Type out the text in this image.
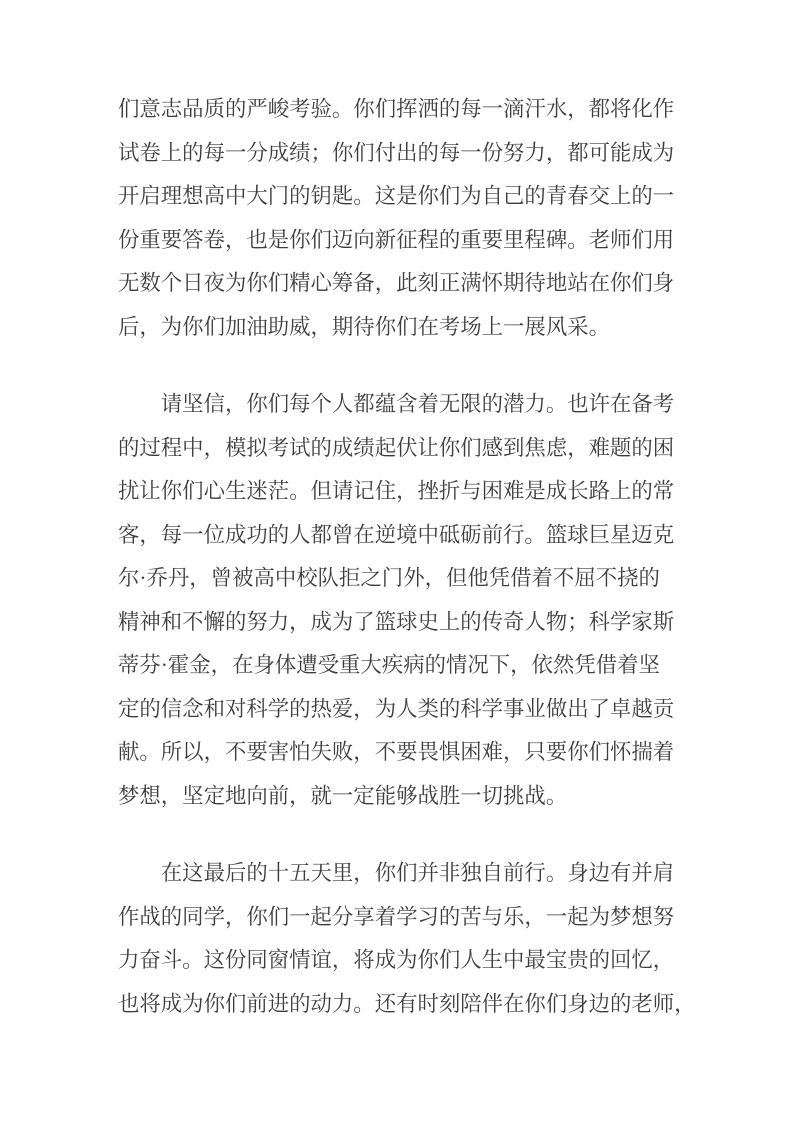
们意志品质的严峻考验。你们挥洒的每一滴汗水，都将化作
试卷上的每一分成绩；你们付出的每一份努力，都可能成为
开启理想高中大门的钥匙。这是你们为自己的青春交上的一
份重要答卷，也是你们迈向新征程的重要里程碑。老师们用
无数个日夜为你们精心筹备，此刻正满怀期待地站在你们身
后，为你们加油助威，期待你们在考场上一展风采。
　　请坚信，你们每个人都蕴含着无限的潜力。也许在备考
的过程中，模拟考试的成绩起伏让你们感到焦虑，难题的困
扰让你们心生迷茫。但请记住，挫折与困难是成长路上的常
客，每一位成功的人都曾在逆境中砥砺前行。篮球巨星迈克
尔·乔丹，曾被高中校队拒之门外，但他凭借着不屈不挠的
精神和不懈的努力，成为了篮球史上的传奇人物；科学家斯
蒂芬·霍金，在身体遭受重大疾病的情况下，依然凭借着坚
定的信念和对科学的热爱，为人类的科学事业做出了卓越贡
献。所以，不要害怕失败，不要畏惧困难，只要你们怀揣着
梦想，坚定地向前，就一定能够战胜一切挑战。
　　在这最后的十五天里，你们并非独自前行。身边有并肩
作战的同学，你们一起分享着学习的苦与乐，一起为梦想努
力奋斗。这份同窗情谊，将成为你们人生中最宝贵的回忆，
也将成为你们前进的动力。还有时刻陪伴在你们身边的老师，
